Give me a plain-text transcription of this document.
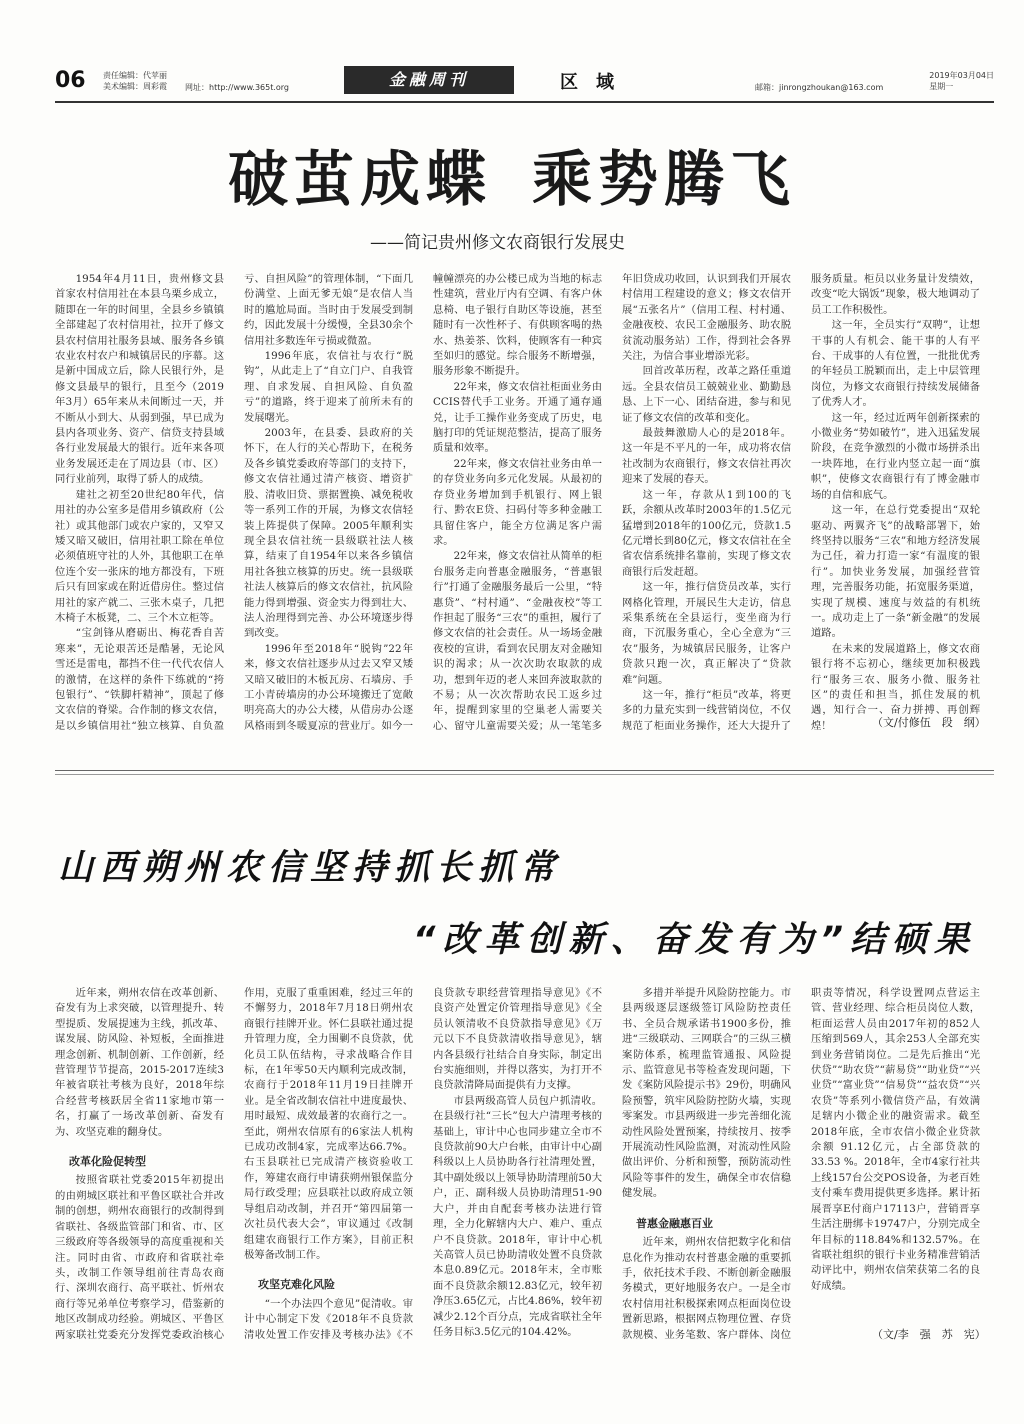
06 责任编辑：代苹丽
美术编辑：周彩霞 网址：http://www.365t.org	金融周刊	区域	邮箱：jinrongzhoukan@163.com
2019年03月04日
星期一
破茧成蝶 乘势腾飞
——简记贵州修文农商银行发展史

1954年4月11日，贵州修文县首家农村信用社在本县乌栗乡成立，随即在一年的时间里，全县乡乡镇镇全部建起了农村信用社，拉开了修文县农村信用社服务县域、服务各乡镇农业农村农户和城镇居民的序幕。这是新中国成立后，除人民银行外，是修文县最早的银行，且至今（2019年3月）65年来从未间断过一天，并不断从小到大、从弱到强，早已成为县内各项业务、资产、信贷支持县域各行业发展最大的银行。近年来各项业务发展还走在了周边县（市、区）同行业前列，取得了骄人的成绩。

建社之初至20世纪80年代，信用社的办公室多是借用乡镇政府（公社）或其他部门或农户家的，又窄又矮又暗又破旧，信用社职工除在单位必须值班守社的人外，其他职工在单位连个安一张床的地方都没有，下班后只有回家或在附近借房住。整过信用社的家产就二、三张木桌子，几把木椅子木板凳，二、三个木立柜等。

“宝剑锋从磨砺出、梅花香自苦寒来”，无论艰苦还是酷暑，无论风雪还是雷电，都挡不住一代代农信人的激情，在这样的条件下练就的“挎包银行”、“铁脚杆精神”，顶起了修文农信的脊梁。合作制的修文农信，是以乡镇信用社“独立核算、自负盈亏、自担风险”的管理体制，“下面几份满堂、上面无爹无娘”是农信人当时的尴尬局面。当时由于发展受到制约，因此发展十分缓慢，全县30余个信用社多数连年亏损或微盈。

1996年底，农信社与农行“脱钩”，从此走上了“自立门户、自我管理、自求发展、自担风险、自负盈亏”的道路，终于迎来了前所未有的发展曙光。

2003年，在县委、县政府的关怀下，在人行的关心帮助下，在税务及各乡镇党委政府等部门的支持下，修文农信社通过清产核资、增资扩股、清收旧贷、票据置换、减免税收等一系列工作的开展，为修文农信轻装上阵提供了保障。2005年顺利实现全县农信社统一县级联社法人核算，结束了自1954年以来各乡镇信用社各独立核算的历史。统一县级联社法人核算后的修文农信社，抗风险能力得到增强、资金实力得到壮大、法人治理得到完善、办公环境逐步得到改变。

1996年至2018年“脱钩”22年来，修文农信社逐步从过去又窄又矮又暗又破旧的木板瓦房、石墙房、手工小青砖墙房的办公环境搬迁了宽敞明亮高大的办公大楼，从借房办公逐风格雨到冬暖夏凉的营业厅。如今一幢幢漂亮的办公楼已成为当地的标志性建筑，营业厅内有空调、有客户休息椅、电子银行自助区等设施，甚至随时有一次性杯子、有供顾客喝的热水、热姜茶、饮料，使顾客有一种宾至如归的感觉。综合服务不断增强，服务形象不断提升。

22年来，修文农信社柜面业务由CCIS替代手工业务。开通了通存通兑，让手工操作业务变成了历史，电脑打印的凭证规范整洁，提高了服务质量和效率。

22年来，修文农信社业务由单一的存贷业务向多元化发展。从最初的存贷业务增加到手机银行、网上银行、黔农E贷、扫码付等多种金融工具留住客户，能全方位满足客户需求。

22年来，修文农信社从简单的柜台服务走向普惠金融服务，“普惠银行”打通了金融服务最后一公里，“特惠贷”、“村村通”、“金融夜校”等工作担起了服务“三农”的重担，履行了修文农信的社会责任。从一场场金融夜校的宣讲，看到农民朋友对金融知识的渴求；从一次次助农取款的成功，想到年迈的老人来回奔波取款的不易；从一次次帮助农民工返乡过年，提醒到家里的空巢老人需要关心、留守儿童需要关爱；从一笔笔多年旧贷成功收回，认识到我们开展农村信用工程建设的意义；修文农信开展“五张名片”（信用工程、村村通、金融夜校、农民工金融服务、助农脱贫流动服务站）工作，得到社会各界关注，为信合事业增添光彩。

回首改革历程，改革之路任重道远。全县农信员工兢兢业业、勤勤恳恳、上下一心、团结奋进，参与和见证了修文农信的改革和变化。

最鼓舞激励人心的是2018年。这一年是不平凡的一年，成功将农信社改制为农商银行，修文农信社再次迎来了发展的春天。

这一年，存款从1到100的飞跃，余额从改革时2003年的1.5亿元猛增到2018年的100亿元，贷款1.5亿元增长到80亿元，修文农信社在全省农信系统排名靠前，实现了修文农商银行后发赶超。

这一年，推行信贷员改革，实行网格化管理，开展民生大走访，信息采集系统在全县运行，变坐商为行商，下沉服务重心，全心全意为“三农”服务，为城镇居民服务，让客户贷款只跑一次，真正解决了“贷款难”问题。

这一年，推行“柜员”改革，将更多的力量充实到一线营销岗位，不仅规范了柜面业务操作，还大大提升了服务质量。柜员以业务量计发绩效，改变“吃大锅饭”现象，极大地调动了员工工作积极性。

这一年，全员实行“双聘”，让想干事的人有机会、能干事的人有平台、干成事的人有位置，一批批优秀的年轻员工脱颖而出，走上中层管理岗位，为修文农商银行持续发展储备了优秀人才。

这一年，经过近两年创新探索的小微业务“势如破竹”，进入迅猛发展阶段，在竞争激烈的小微市场拼杀出一块阵地，在行业内竖立起一面“旗帜”，使修文农商银行有了博金融市场的自信和底气。

这一年，在总行党委提出“双轮驱动、两翼齐飞”的战略部署下，始终坚持以服务“三农”和地方经济发展为己任，着力打造一家“有温度的银行”。加快业务发展，加强经营管理，完善服务功能，拓宽服务渠道，实现了规模、速度与效益的有机统一。成功走上了一条“新金融”的发展道路。

在未来的发展道路上，修文农商银行将不忘初心，继续更加积极践行“服务三农、服务小微、服务社区”的责任和担当，抓住发展的机遇，知行合一、奋力拼搏、再创辉煌！	（文/付修伍　段　纲）
山西朔州农信坚持抓长抓常
“改革创新、奋发有为”结硕果

近年来，朔州农信在改革创新、奋发有为上求突破，以管理提升、转型提质、发展提速为主线，抓改革、谋发展、防风险、补短板，全面推进理念创新、机制创新、工作创新，经营管理节节提高，2015-2017连续3年被省联社考核为良好，2018年综合经营考核跃居全省11家地市第一名，打赢了一场改革创新、奋发有为、攻坚克难的翻身仗。

改革化险促转型

按照省联社党委2015年初提出的由朔城区联社和平鲁区联社合并改制的创想，朔州农商银行的改制得到省联社、各级监管部门和省、市、区三级政府等各级领导的高度重视和关注。同时由省、市政府和省联社牵头，改制工作领导组前往青岛农商行、深圳农商行、高平联社、忻州农商行等兄弟单位考察学习，借鉴新的地区改制成功经验。朔城区、平鲁区两家联社党委充分发挥党委政治核心作用，克服了重重困难，经过三年的不懈努力，2018年7月18日朔州农商银行挂牌开业。怀仁县联社通过提升管理力度，全力围剿不良贷款，优化员工队伍结构，寻求战略合作目标，在1年零50天内顺利完成改制，农商行于2018年11月19日挂牌开业。是全省改制农信社中进度最快、用时最短、成效最著的农商行之一。至此，朔州农信原有的6家法人机构已成功改制4家，完成率达66.7%。右玉县联社已完成清产核资验收工作，筹建农商行申请获朔州银保监分局行政受理；应县联社以政府成立领导组启动改制，并召开“第四届第一次社员代表大会”，审议通过《改制组建农商银行工作方案》，目前正积极筹备改制工作。

攻坚克难化风险

“一个办法四个意见”促清收。审计中心制定下发《2018年不良贷款清收处置工作安排及考核办法》《不良贷款专职经营管理指导意见》《不良资产处置定价管理指导意见》《全员认领清收不良贷款指导意见》《万元以下不良贷款清收指导意见》，辖内各县级行社结合自身实际，制定出台实施细则，并得以落实，为打开不良贷款清降局面提供有力支撑。

市县两级高管人员包户抓清收。在县级行社“三长”包大户清理考核的基础上，审计中心也同步建立全市不良贷款前90大户台帐，由审计中心副科级以上人员协助各行社清理处置，其中副处级以上领导协助清理前50大户，正、副科级人员协助清理51-90大户，并由自配套考核办法进行管理，全力化解辖内大户、难户、重点户不良贷款。2018年，审计中心机关高管人员已协助清收处置不良贷款本息0.89亿元。2018年末，全市账面不良贷款余额12.83亿元，较年初净压3.65亿元，占比4.86%，较年初减少2.12个百分点，完成省联社全年任务目标3.5亿元的104.42%。

多措并举提升风险防控能力。市县两级逐层逐级签订风险防控责任书、全员合规承诺书1900多份，推进“三级联动、三网联合”的三纵三横案防体系，梳理监管通报、风险提示、监管意见书等检查发现问题，下发《案防风险提示书》29份，明确风险预警，筑牢风险防控防火墙，实现零案发。市县两级进一步完善细化流动性风险处置预案，持续按月、按季开展流动性风险监测，对流动性风险做出评价、分析和预警，预防流动性风险等事件的发生，确保全市农信稳健发展。

普惠金融惠百业

近年来，朔州农信把数字化和信息化作为推动农村普惠金融的重要抓手，依托技术手段、不断创新金融服务模式，更好地服务农户。一是全市农村信用社积极探索网点柜面岗位设置新思路，根据网点物理位置、存贷款规模、业务笔数、客户群体、岗位职责等情况，科学设置网点营运主管、营业经理、综合柜员岗位人数，柜面运营人员由2017年初的852人压缩到569人，其余253人全部充实到业务营销岗位。二是先后推出“光伏贷”“助农贷”“薪易贷”“助业贷”“兴业贷”“富业贷”“信易贷”“益农贷”“兴农贷”等系列小微信贷产品，有效满足辖内小微企业的融资需求。截至2018年底，全市农信小微企业贷款余额 91.12亿元，占全部贷款的33.53 %。2018年，全市4家行社共上线157台公交POS设备，为老百姓支付乘车费用提供更多选择。累计拓展晋享E付商户17113户，营销晋享生活注册绑卡19747户，分别完成全年目标的118.84%和132.57%。在省联社组织的银行卡业务精准营销活动评比中，朔州农信荣获第二名的良好成绩。

（文/李　强　苏　宪）
